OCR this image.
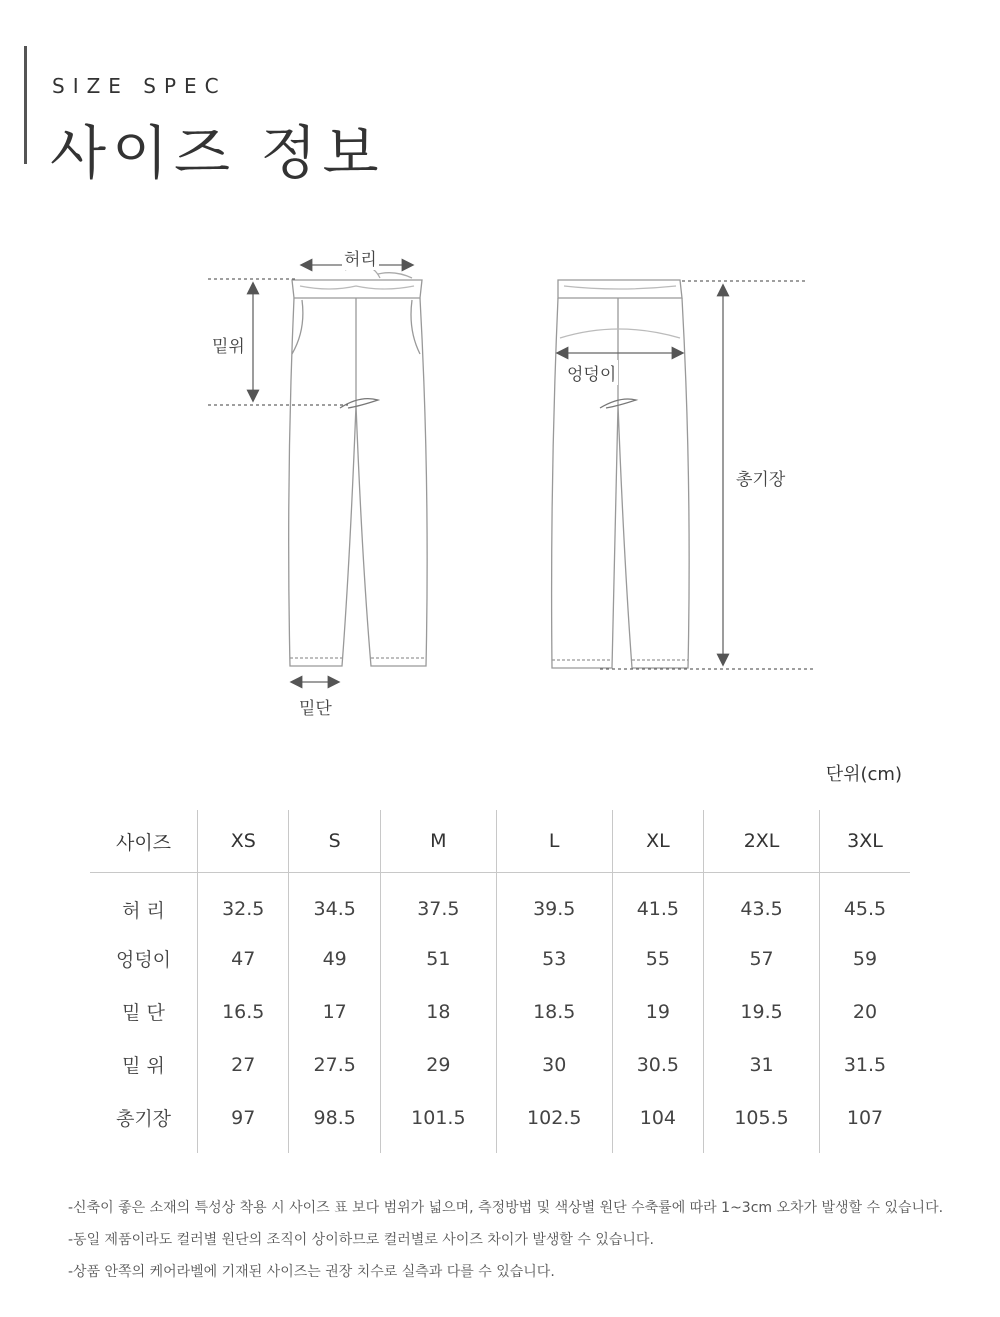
SIZE SPEC
사이즈 정보
허리
밑위
밑단
엉덩이
총기장
단위(cm)
사이즈	XS	S	M	L	XL	2XL	3XL
허 리	32.5	34.5	37.5	39.5	41.5	43.5	45.5
엉덩이	47	49	51	53	55	57	59
밑 단	16.5	17	18	18.5	19	19.5	20
밑 위	27	27.5	29	30	30.5	31	31.5
총기장	97	98.5	101.5	102.5	104	105.5	107
-신축이 좋은 소재의 특성상 착용 시 사이즈 표 보다 범위가 넓으며, 측정방법 및 색상별 원단 수축률에 따라 1~3cm 오차가 발생할 수 있습니다.
-동일 제품이라도 컬러별 원단의 조직이 상이하므로 컬러별로 사이즈 차이가 발생할 수 있습니다.
-상품 안쪽의 케어라벨에 기재된 사이즈는 권장 치수로 실측과 다를 수 있습니다.
